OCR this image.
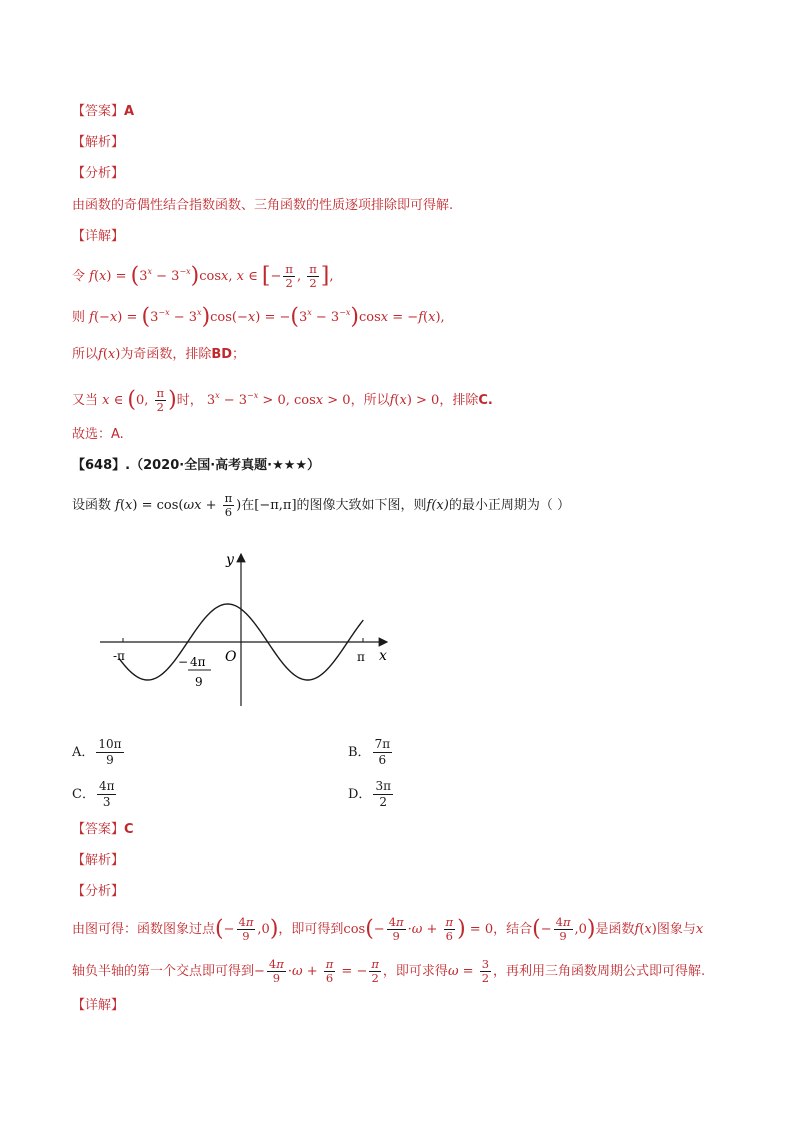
【答案】A
【解析】
【分析】
由函数的奇偶性结合指数函数、三角函数的性质逐项排除即可得解.
【详解】
令 $f(x) = (3^x - 3^{-x})\cos x$, x ∈ [− $\frac{\pi}{2}$ , $\frac{\pi}{2}$ ],
则 $f(-x) = (3^{-x} - 3^x)\cos(-x) = -(3^x - 3^{-x})\cos x = -f(x)$,
所以f(x)为奇函数，排除BD；
又当 x ∈ (0, $\frac{\pi}{2}$ )时， $3^x - 3^{-x} > 0$, cosx > 0，所以f(x) > 0，排除C.
故选：A.
【648】.（2020·全国·高考真题·★★★）
设函数 $f(x) = \cos(\omega x + \frac{\pi}{6}$ )在[−π,π]的图像大致如下图，则f(x)的最小正周期为（ ）
y
x
O
-π	π
− 4π
9
A． $\frac{10\pi}{9}$	B． $\frac{7\pi}{6}$
C． $\frac{4\pi}{3}$	D． $\frac{3\pi}{2}$
【答案】C
【解析】
【分析】
由图可得：函数图象过点(− $\frac{4\pi}{9} ,0$)，即可得到$\cos(- \frac{4\pi}{9} \cdot\omega + \frac{\pi}{6}$ ) = 0，结合(− $\frac{4\pi}{9} ,0$)是函数f(x)图象与x
轴负半轴的第一个交点即可得到− $\frac{4\pi}{9} \cdot\omega + \frac{\pi}{6}$ = − $\frac{\pi}{2}$ ，即可求得$\omega = \frac{3}{2}$ ，再利用三角函数周期公式即可得解.
【详解】
